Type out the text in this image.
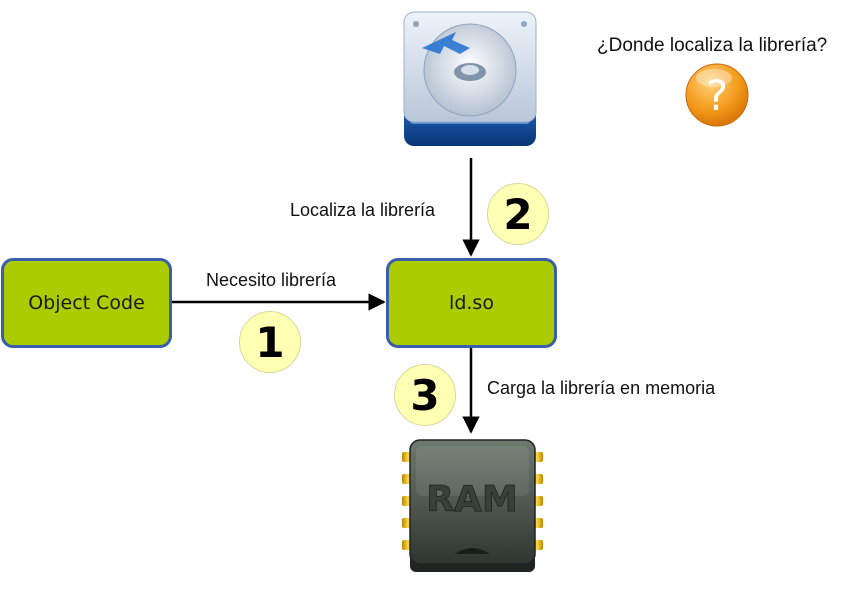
¿Donde localiza la librería?
?
Object Code	ld.so
Necesito librería
Localiza la librería
Carga la librería en memoria
1
2
3
RAM
